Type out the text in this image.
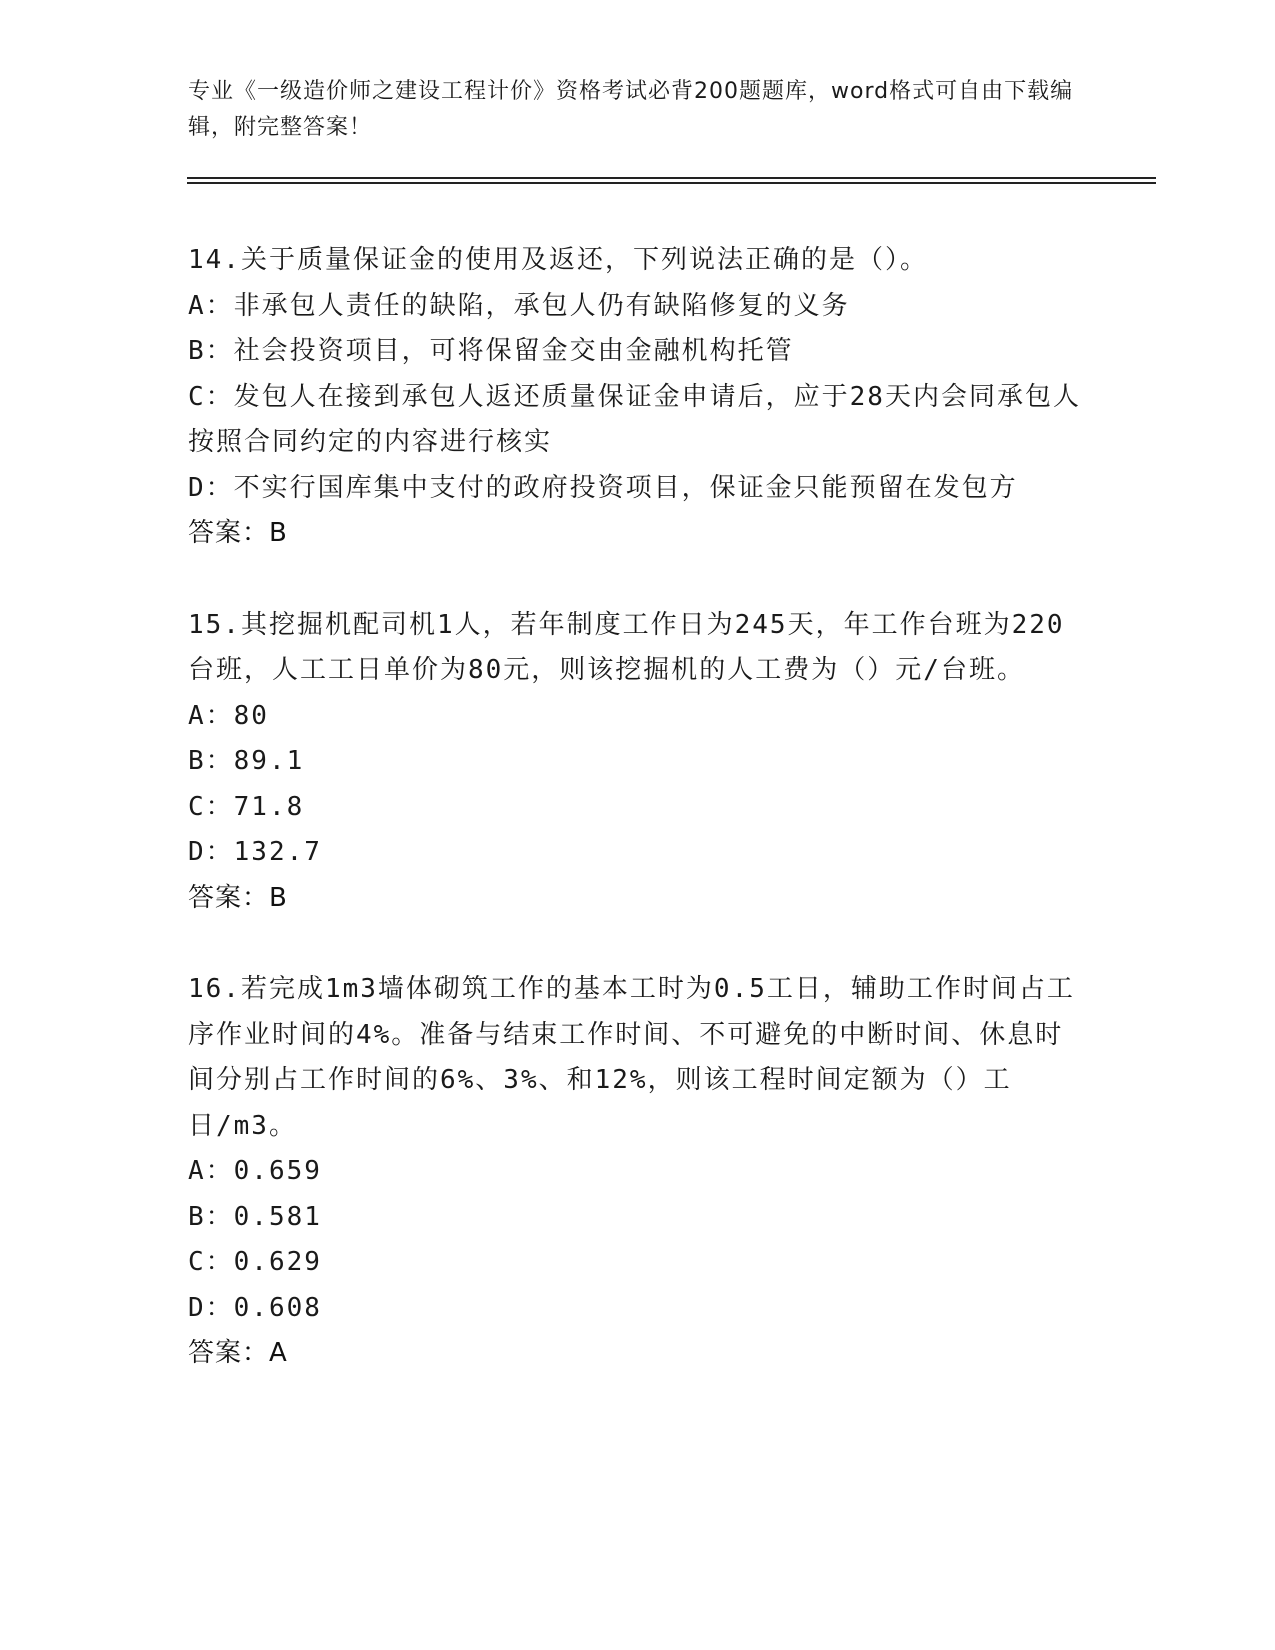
专业《一级造价师之建设工程计价》资格考试必背200题题库，word格式可自由下载编辑，附完整答案！
14.关于质量保证金的使用及返还，下列说法正确的是（）。
A：非承包人责任的缺陷，承包人仍有缺陷修复的义务
B：社会投资项目，可将保留金交由金融机构托管
C：发包人在接到承包人返还质量保证金申请后，应于28天内会同承包人按照合同约定的内容进行核实
D：不实行国库集中支付的政府投资项目，保证金只能预留在发包方
答案：B
15.其挖掘机配司机1人，若年制度工作日为245天，年工作台班为220台班，人工工日单价为80元，则该挖掘机的人工费为（）元/台班。
A：80
B：89.1
C：71.8
D：132.7
答案：B
16.若完成1m3墙体砌筑工作的基本工时为0.5工日，辅助工作时间占工序作业时间的4%。准备与结束工作时间、不可避免的中断时间、休息时间分别占工作时间的6%、3%、和12%，则该工程时间定额为（）工日/m3。
A：0.659
B：0.581
C：0.629
D：0.608
答案：A
